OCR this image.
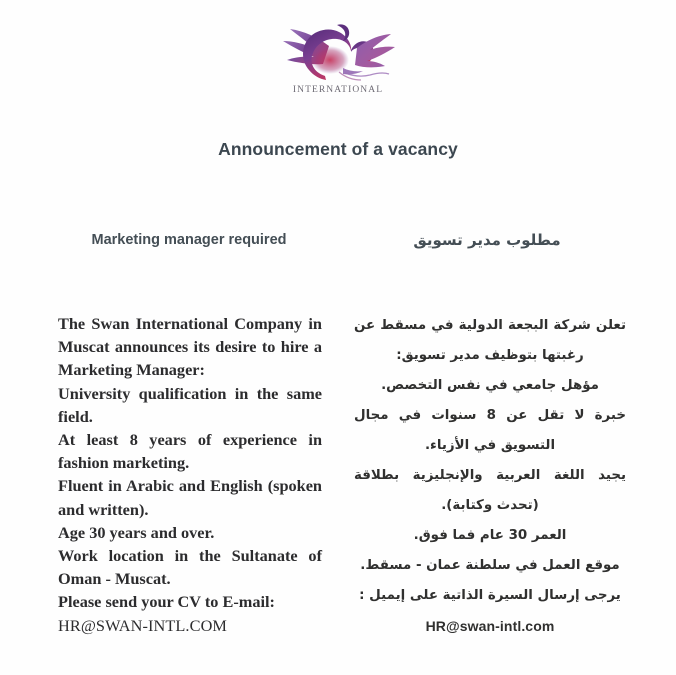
INTERNATIONAL
Announcement of a vacancy
Marketing manager required	مطلوب مدير تسويق

The Swan International Company in Muscat announces its desire to hire a Marketing Manager:

University qualification in the same field.

At least 8 years of experience in fashion marketing.

Fluent in Arabic and English (spoken and written).

Age 30 years and over.

Work location in the Sultanate of Oman - Muscat.

Please send your CV to E-mail:

HR@SWAN-INTL.COM

تعلن شركة البجعة الدولية في مسقط عن رغبتها بتوظيف مدير تسويق:

مؤهل جامعي في نفس التخصص.

خبرة لا تقل عن 8 سنوات في مجال التسويق في الأزياء.

يجيد اللغة العربية والإنجليزية بطلاقة (تحدث وكتابة).

العمر 30 عام فما فوق.

موقع العمل في سلطنة عمان - مسقط.

يرجى إرسال السيرة الذاتية على إيميل :

HR@swan-intl.com
